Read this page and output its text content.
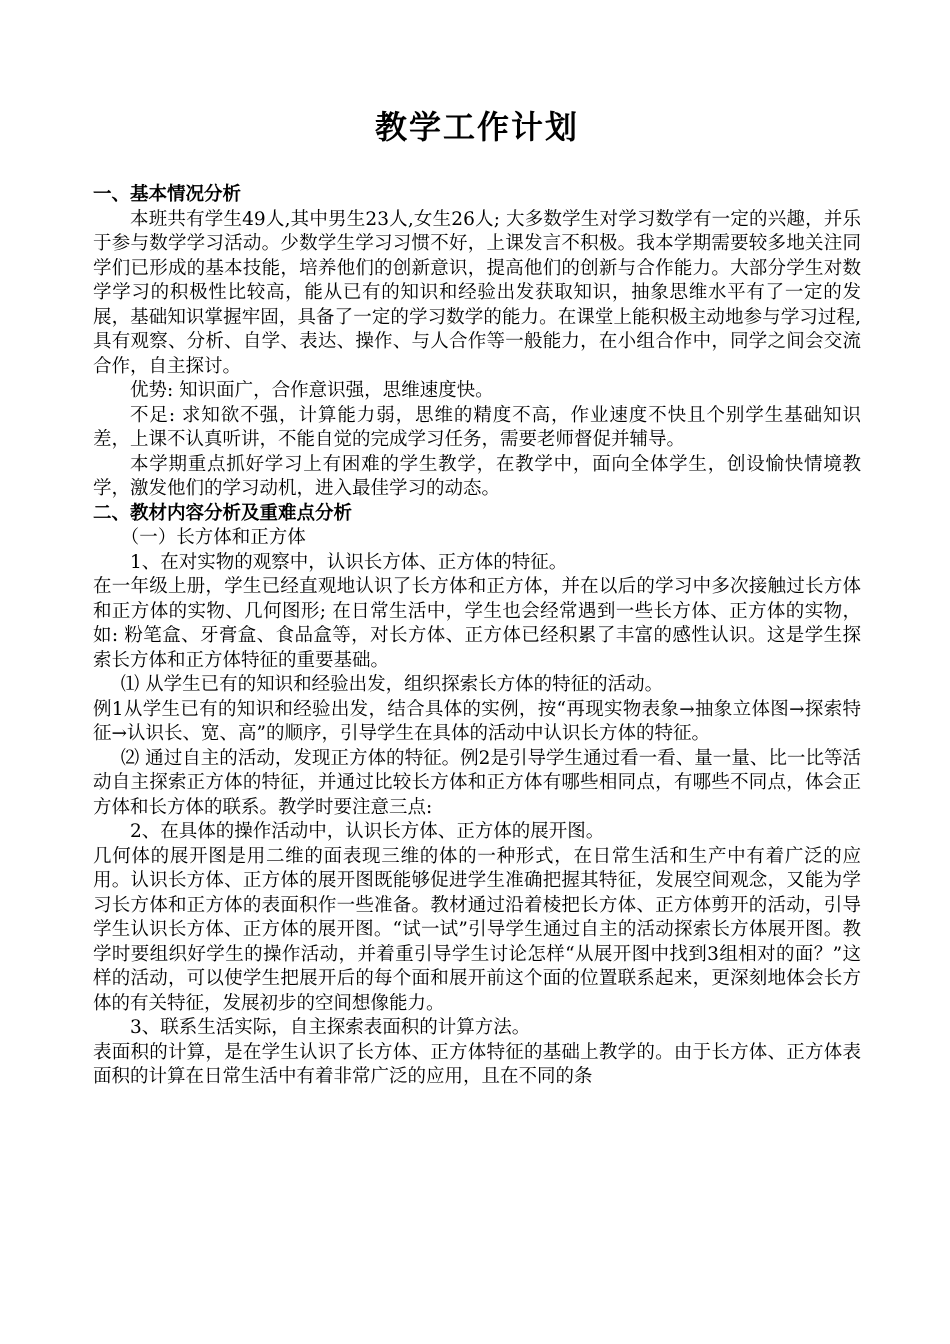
教学工作计划

一、基本情况分析

本班共有学生49人,其中男生23人,女生26人; 大多数学生对学习数学有一定的兴趣，并乐于参与数学学习活动。少数学生学习习惯不好，上课发言不积极。我本学期需要较多地关注同学们已形成的基本技能，培养他们的创新意识，提高他们的创新与合作能力。大部分学生对数学学习的积极性比较高，能从已有的知识和经验出发获取知识，抽象思维水平有了一定的发展，基础知识掌握牢固，具备了一定的学习数学的能力。在课堂上能积极主动地参与学习过程,具有观察、分析、自学、表达、操作、与人合作等一般能力，在小组合作中，同学之间会交流合作，自主探讨。

优势: 知识面广，合作意识强，思维速度快。

不足: 求知欲不强，计算能力弱，思维的精度不高，作业速度不快且个别学生基础知识差，上课不认真听讲，不能自觉的完成学习任务，需要老师督促并辅导。

本学期重点抓好学习上有困难的学生教学，在教学中，面向全体学生，创设愉快情境教学，激发他们的学习动机，进入最佳学习的动态。

二、教材内容分析及重难点分析

（一）长方体和正方体

1、在对实物的观察中，认识长方体、正方体的特征。

在一年级上册，学生已经直观地认识了长方体和正方体，并在以后的学习中多次接触过长方体和正方体的实物、几何图形; 在日常生活中，学生也会经常遇到一些长方体、正方体的实物，如: 粉笔盒、牙膏盒、食品盒等，对长方体、正方体已经积累了丰富的感性认识。这是学生探索长方体和正方体特征的重要基础。

⑴ 从学生已有的知识和经验出发，组织探索长方体的特征的活动。

例1从学生已有的知识和经验出发，结合具体的实例，按“再现实物表象→抽象立体图→探索特征→认识长、宽、高”的顺序，引导学生在具体的活动中认识长方体的特征。

⑵ 通过自主的活动，发现正方体的特征。例2是引导学生通过看一看、量一量、比一比等活动自主探索正方体的特征，并通过比较长方体和正方体有哪些相同点，有哪些不同点，体会正方体和长方体的联系。教学时要注意三点:

2、在具体的操作活动中，认识长方体、正方体的展开图。

几何体的展开图是用二维的面表现三维的体的一种形式，在日常生活和生产中有着广泛的应用。认识长方体、正方体的展开图既能够促进学生准确把握其特征，发展空间观念，又能为学习长方体和正方体的表面积作一些准备。教材通过沿着棱把长方体、正方体剪开的活动，引导学生认识长方体、正方体的展开图。“试一试”引导学生通过自主的活动探索长方体展开图。教学时要组织好学生的操作活动，并着重引导学生讨论怎样“从展开图中找到3组相对的面？”这样的活动，可以使学生把展开后的每个面和展开前这个面的位置联系起来，更深刻地体会长方体的有关特征，发展初步的空间想像能力。

3、联系生活实际，自主探索表面积的计算方法。

表面积的计算，是在学生认识了长方体、正方体特征的基础上教学的。由于长方体、正方体表面积的计算在日常生活中有着非常广泛的应用，且在不同的条
